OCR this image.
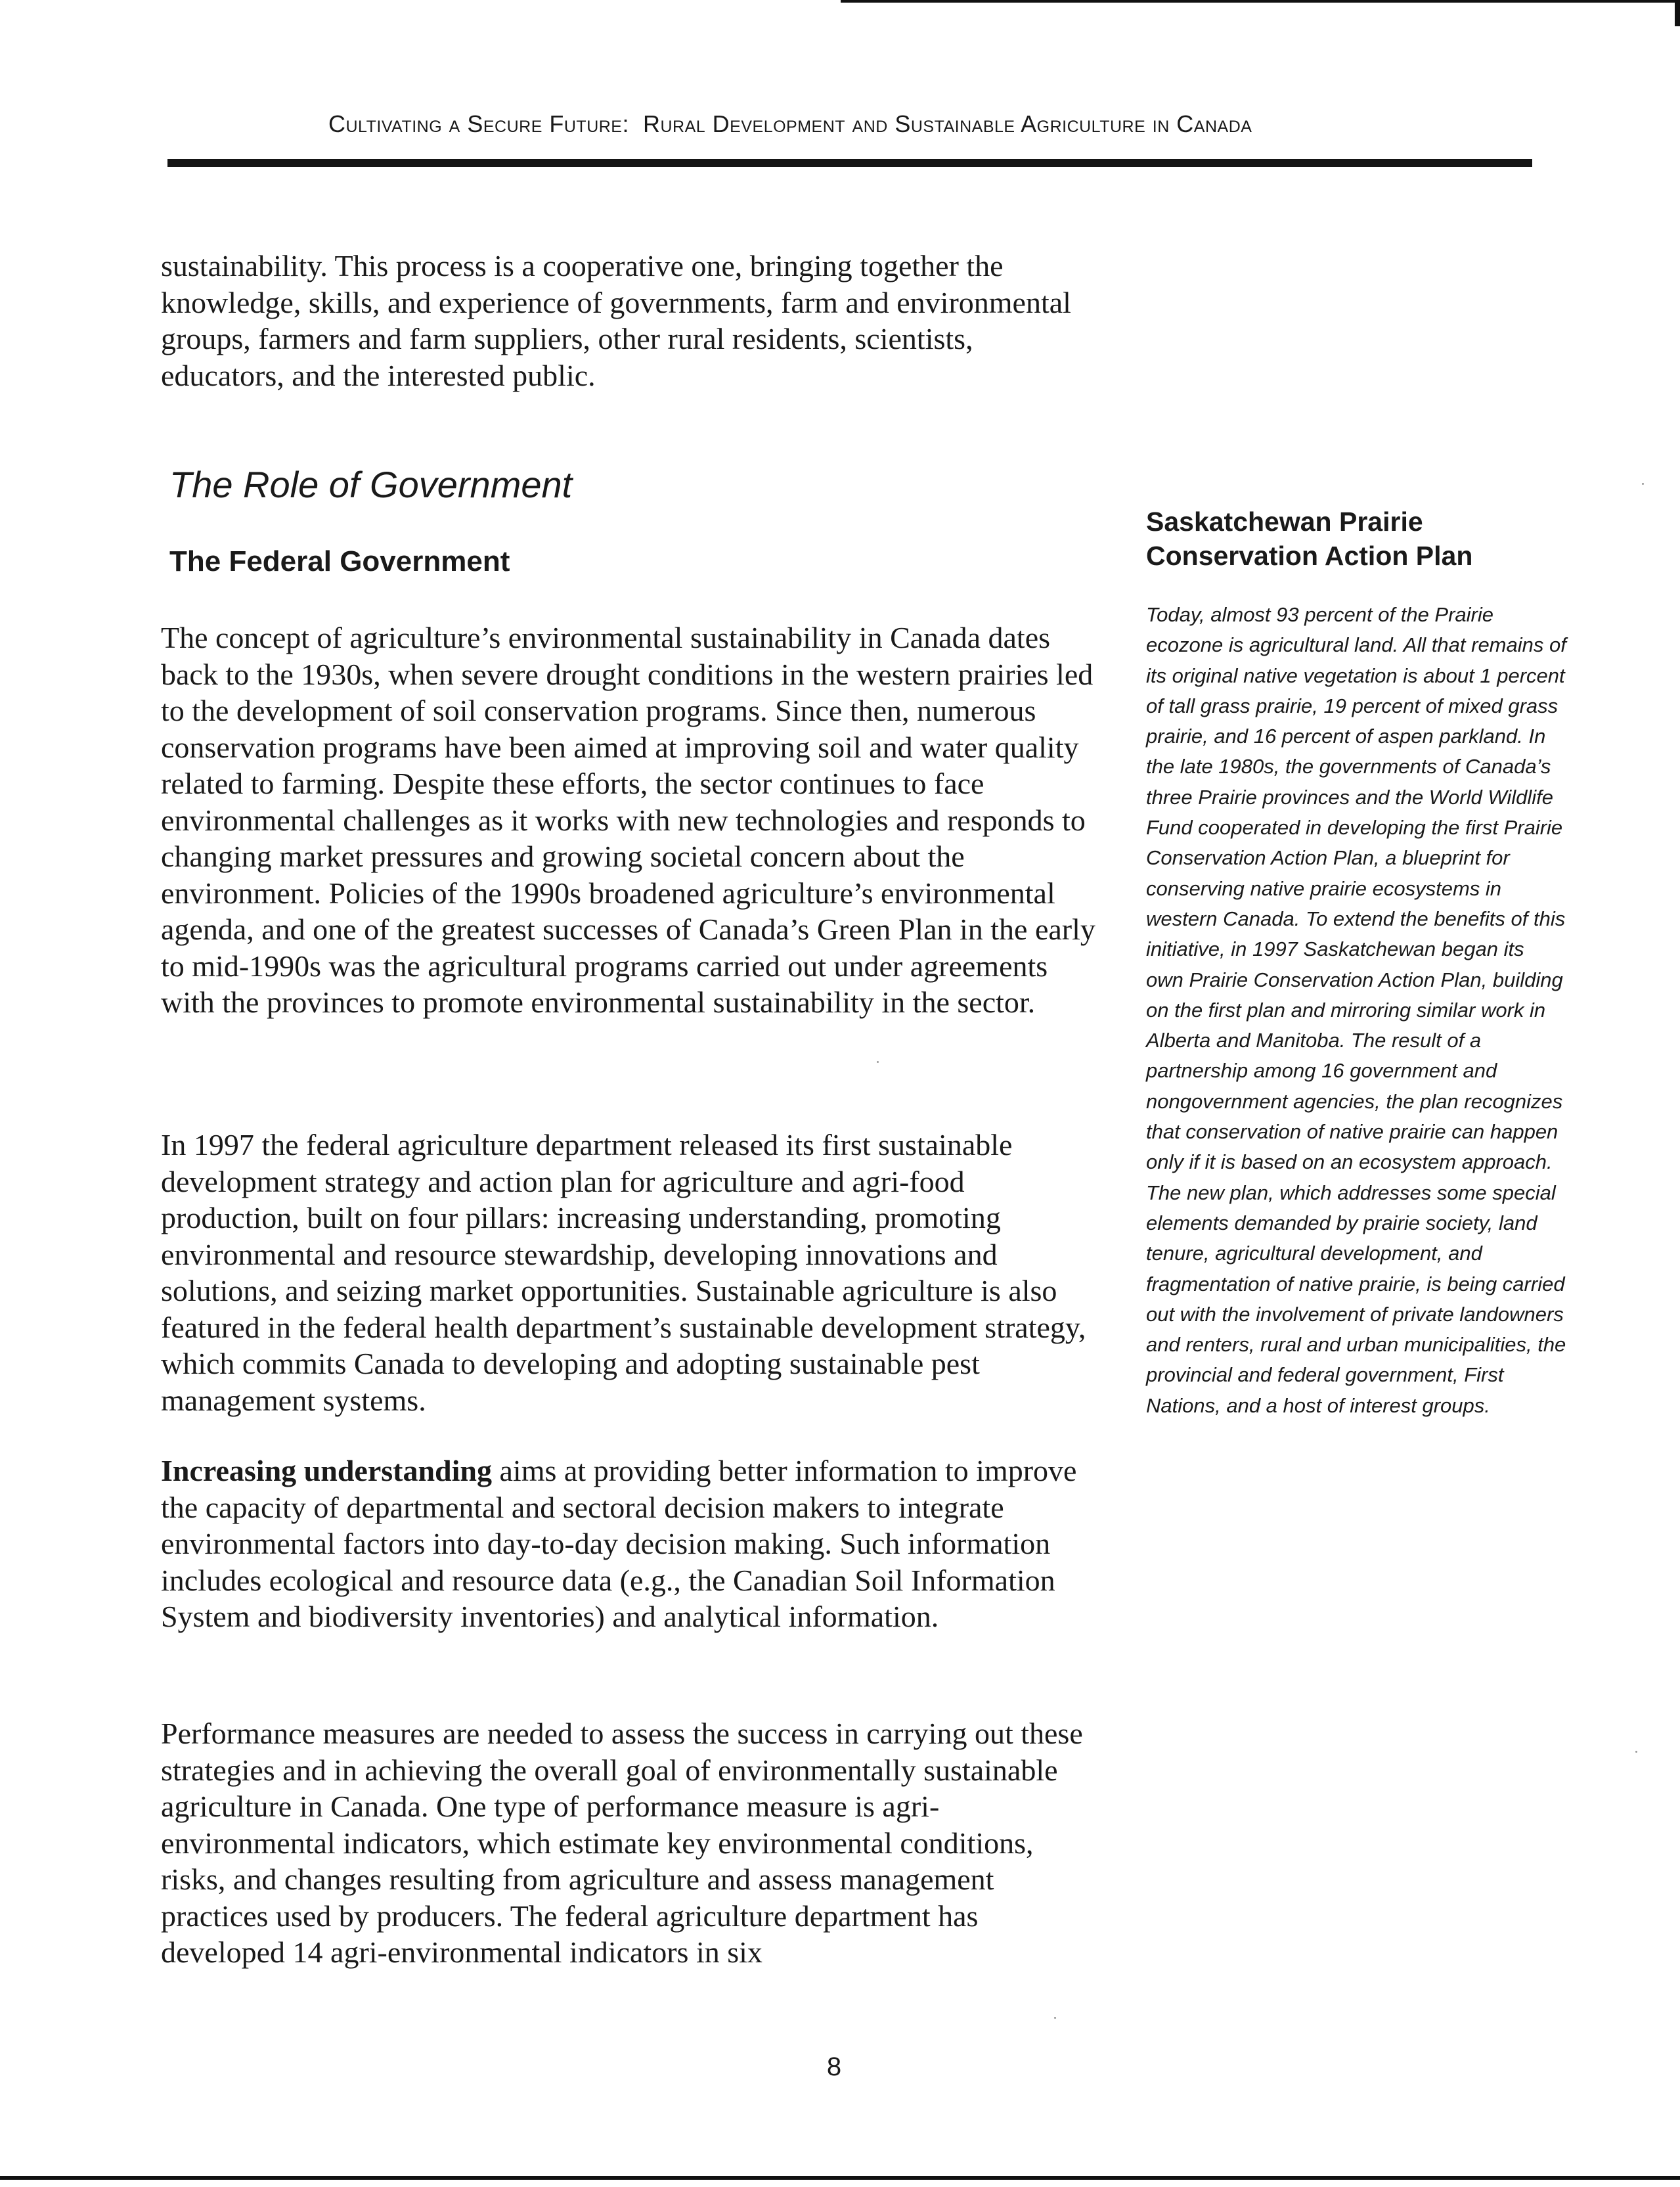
Cultivating a Secure Future: Rural Development and Sustainable Agriculture in Canada

sustainability. This process is a cooperative one, bringing together the knowledge, skills, and experience of governments, farm and environmental groups, farmers and farm suppliers, other rural residents, scientists, educators, and the interested public.

The Role of Government
The Federal Government

The concept of agriculture’s environmental sustainability in Canada dates back to the 1930s, when severe drought conditions in the western prairies led to the development of soil conservation programs. Since then, numerous conservation programs have been aimed at improving soil and water quality related to farming. Despite these efforts, the sector continues to face environmental challenges as it works with new technologies and responds to changing market pressures and growing societal concern about the environment. Policies of the 1990s broadened agriculture’s environmental agenda, and one of the greatest successes of Canada’s Green Plan in the early to mid-1990s was the agricultural programs carried out under agreements with the provinces to promote environmental sustainability in the sector.

In 1997 the federal agriculture department released its first sustainable development strategy and action plan for agriculture and agri-food production, built on four pillars: increasing understanding, promoting environmental and resource stewardship, developing innovations and solutions, and seizing market opportunities. Sustainable agriculture is also featured in the federal health department’s sustainable development strategy, which commits Canada to developing and adopting sustainable pest management systems.

Increasing understanding aims at providing better information to improve the capacity of departmental and sectoral decision makers to integrate environmental factors into day-to-day decision making. Such information includes ecological and resource data (e.g., the Canadian Soil Information System and biodiversity inventories) and analytical information.

Performance measures are needed to assess the success in carrying out these strategies and in achieving the overall goal of environmentally sustainable agriculture in Canada. One type of performance measure is agri-environmental indicators, which estimate key environmental conditions, risks, and changes resulting from agriculture and assess management practices used by producers. The federal agriculture department has developed 14 agri-environmental indicators in six

Saskatchewan Prairie Conservation Action Plan

Today, almost 93 percent of the Prairie ecozone is agricultural land. All that remains of its original native vegetation is about 1 percent of tall grass prairie, 19 percent of mixed grass prairie, and 16 percent of aspen parkland. In the late 1980s, the governments of Canada’s three Prairie provinces and the World Wildlife Fund cooperated in developing the first Prairie Conservation Action Plan, a blueprint for conserving native prairie ecosystems in western Canada. To extend the benefits of this initiative, in 1997 Saskatchewan began its own Prairie Conservation Action Plan, building on the first plan and mirroring similar work in Alberta and Manitoba. The result of a partnership among 16 government and nongovernment agencies, the plan recognizes that conservation of native prairie can happen only if it is based on an ecosystem approach. The new plan, which addresses some special elements demanded by prairie society, land tenure, agricultural development, and fragmentation of native prairie, is being carried out with the involvement of private landowners and renters, rural and urban municipalities, the provincial and federal government, First Nations, and a host of interest groups.

8
